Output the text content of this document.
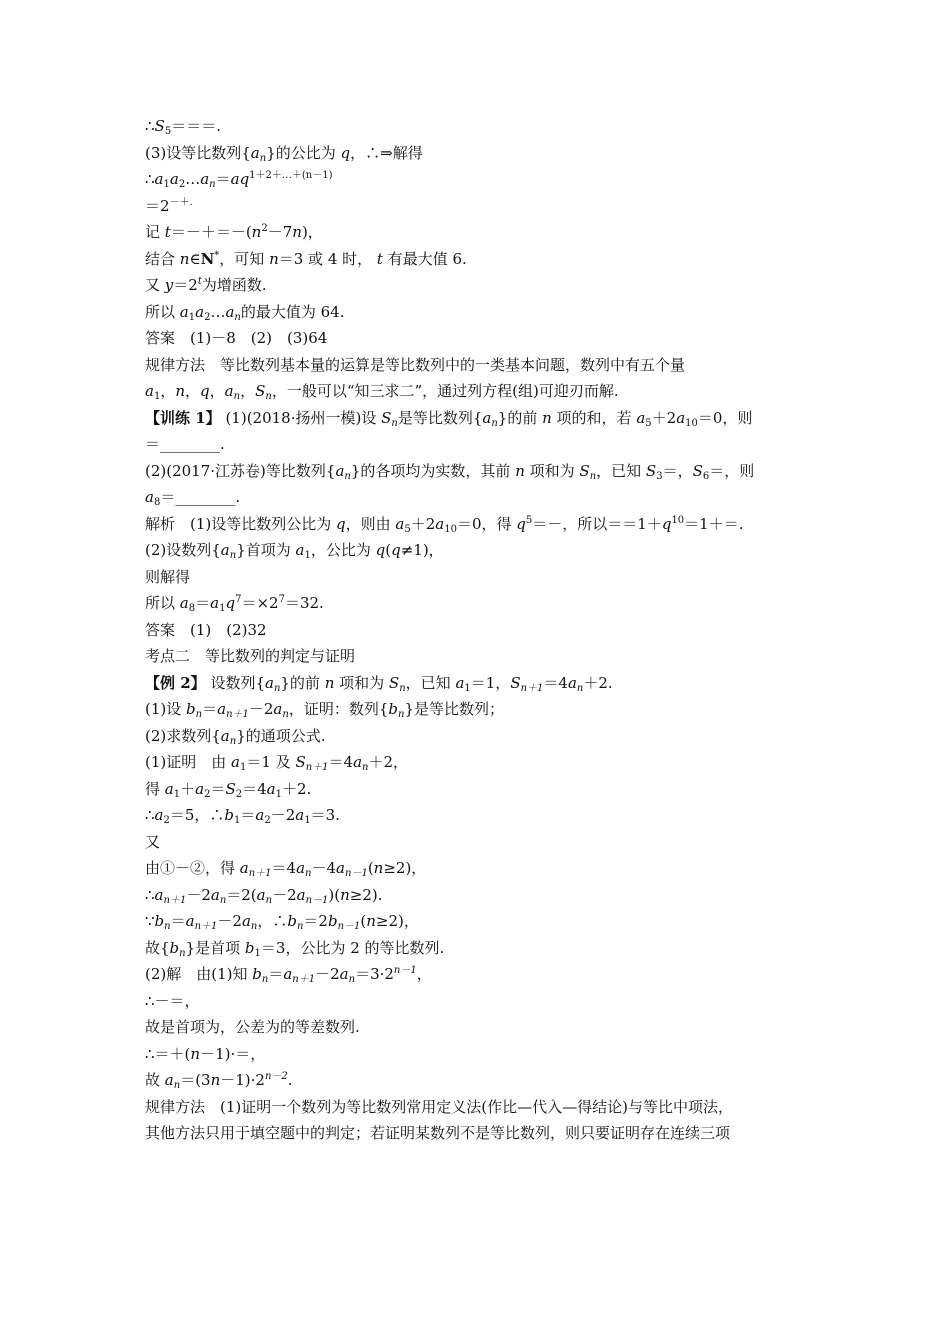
$\therefore S_5===$.
(3)设等比数列$\{a_n\}$的公比为 q，∴⇒解得
$\therefore a_1a_2\dots a_n=aq^{1+2+\dots+(n-1)}$
＝2－＋.
记 $t=-+=-(n^2-7n)$，
结合 n∈N*，可知 n＝3 或 4 时， t 有最大值 6.
又 $y=2^t$为增函数.
所以 $a_1a_2\dots a_n$的最大值为 64.
答案　(1)－8　(2)　(3)64
规律方法　等比数列基本量的运算是等比数列中的一类基本问题，数列中有五个量
$a_1$，n，q，$a_n$，$S_n$，一般可以“知三求二”，通过列方程(组)可迎刃而解.
【训练 1】 (1)(2018·扬州一模)设 $S_n$是等比数列$\{a_n\}$的前 n 项的和，若 $a_5+2a_{10}=0$，则
＝________.
(2)(2017·江苏卷)等比数列$\{a_n\}$的各项均为实数，其前 n 项和为 $S_n$，已知 $S_3=$，$S_6=$，则
$a_8=\_\_\_\_\_\_\_\_$.
解析　(1)设等比数列公比为 q，则由 $a_5+2a_{10}=0$，得 $q^5=-$，所以$==1+q^{10}=1+=$.
(2)设数列$\{a_n\}$首项为 $a_1$，公比为 q(q≠1)，
则解得
所以 $a_8=a_1q^7=\times 2^7=32$.
答案　(1)　(2)32
考点二　等比数列的判定与证明
【例 2】 设数列$\{a_n\}$的前 n 项和为 $S_n$，已知 $a_1=1$，$S_{n+1}=4a_n+2$.
(1)设 $b_n=a_{n+1}-2a_n$，证明：数列$\{b_n\}$是等比数列；
(2)求数列$\{a_n\}$的通项公式.
(1)证明　由 $a_1=1$ 及 $S_{n+1}=4a_n+2$，
得 $a_1+a_2=S_2=4a_1+2$.
$\therefore a_2=5$，$\therefore b_1=a_2-2a_1=3$.
又
由①－②，得 $a_{n+1}=4a_n-4a_{n-1}(n\ge 2)$，
$\therefore a_{n+1}-2a_n=2(a_n-2a_{n-1})(n\ge 2)$.
$\because b_n=a_{n+1}-2a_n$，$\therefore b_n=2b_{n-1}(n\ge 2)$，
故$\{b_n\}$是首项 $b_1=3$，公比为 2 的等比数列.
(2)解　由(1)知 $b_n=a_{n+1}-2a_n=3\cdot 2^{n-1}$，
∴－＝，
故是首项为，公差为的等差数列.
∴＝＋(n－1)·＝，
故 $a_n=(3n-1)\cdot 2^{n-2}$.
规律方法　(1)证明一个数列为等比数列常用定义法(作比—代入—得结论)与等比中项法，
其他方法只用于填空题中的判定；若证明某数列不是等比数列，则只要证明存在连续三项
